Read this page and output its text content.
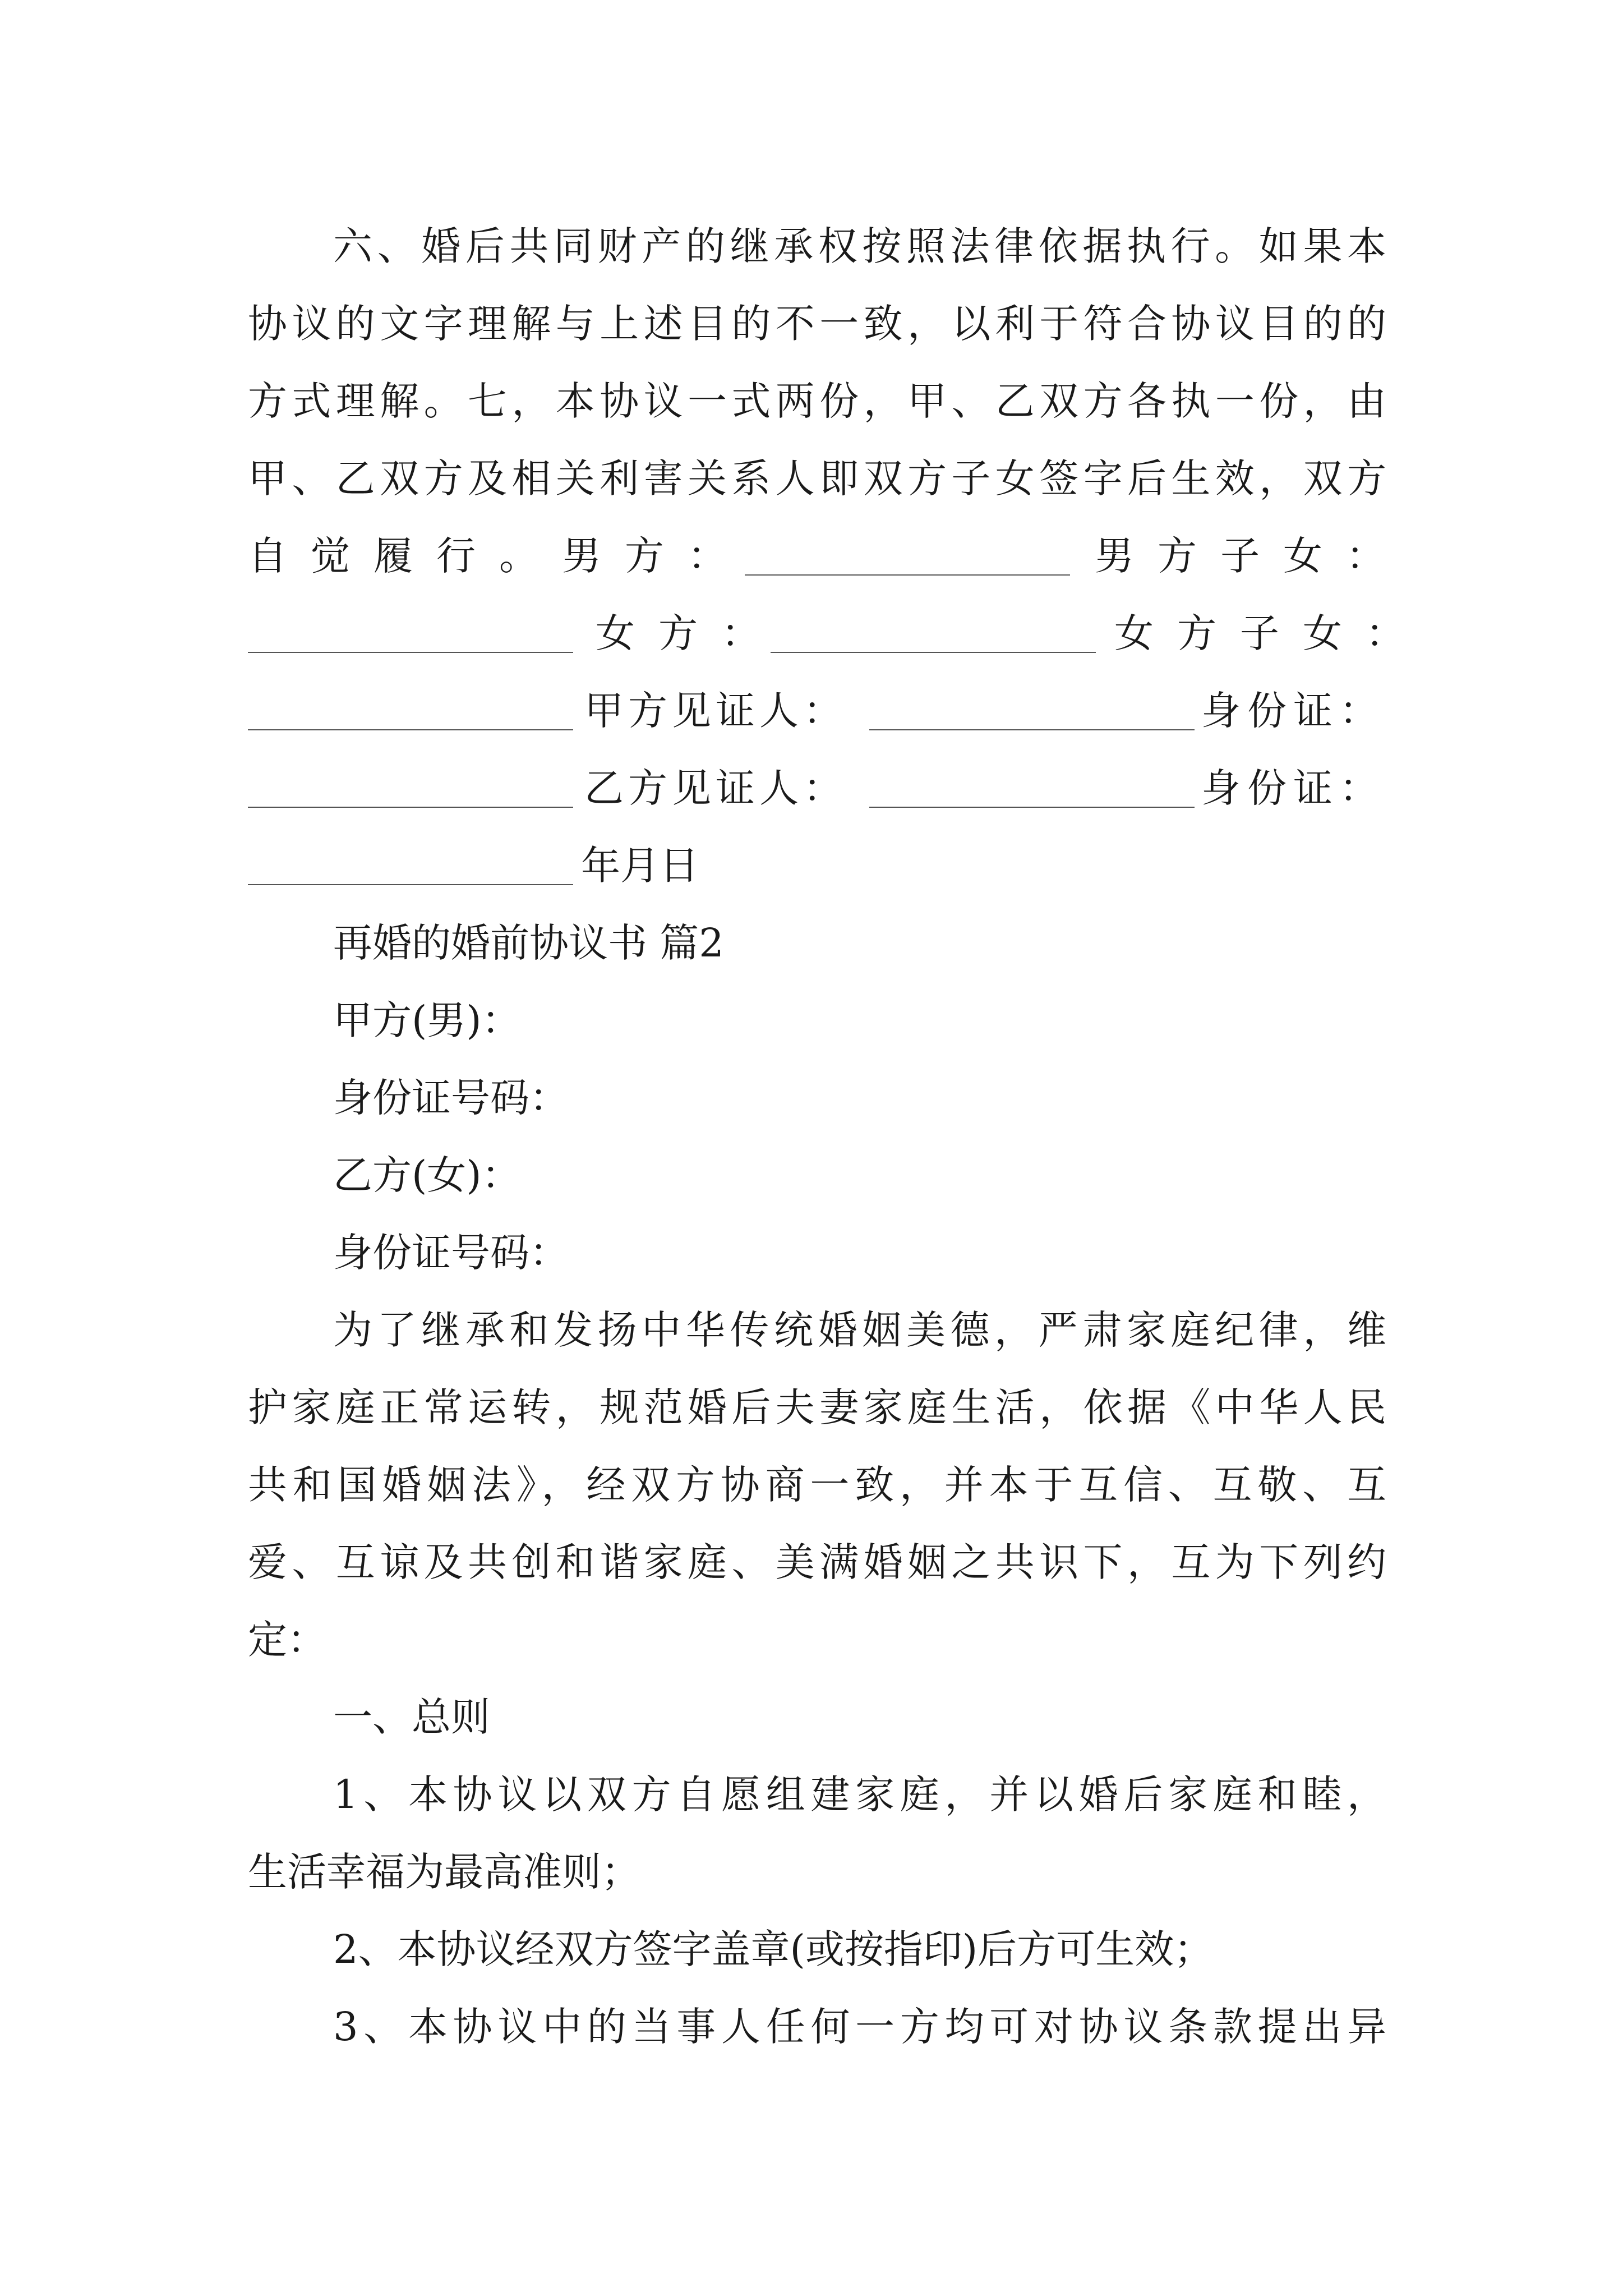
六、婚后共同财产的继承权按照法律依据执行。如果本
协议的文字理解与上述目的不一致，以利于符合协议目的的
方式理解。七，本协议一式两份，甲、乙双方各执一份，由
甲、乙双方及相关利害关系人即双方子女签字后生效，双方
自觉履行。男方：	男方子女：
女方：	女方子女：
甲方见证人：	身份证：
乙方见证人：	身份证：
年月日
再婚的婚前协议书 篇2
甲方(男)：
身份证号码：
乙方(女)：
身份证号码：
为了继承和发扬中华传统婚姻美德，严肃家庭纪律，维
护家庭正常运转，规范婚后夫妻家庭生活，依据《中华人民
共和国婚姻法》，经双方协商一致，并本于互信、互敬、互
爱、互谅及共创和谐家庭、美满婚姻之共识下，互为下列约
定：
一、总则
1、本协议以双方自愿组建家庭，并以婚后家庭和睦，
生活幸福为最高准则；
2、本协议经双方签字盖章(或按指印)后方可生效；
3、本协议中的当事人任何一方均可对协议条款提出异
